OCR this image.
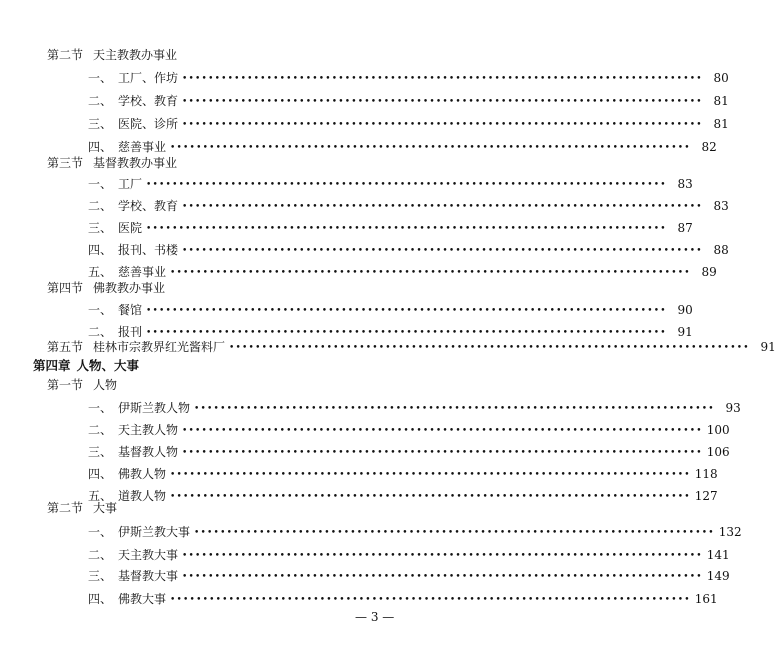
第二节 天主教教办事业
一、 工厂、作坊 •••••••••••••••••••••••••••••••••••••••••••••••••••••••••••••••••••••••••••••••• 80
二、 学校、教育 •••••••••••••••••••••••••••••••••••••••••••••••••••••••••••••••••••••••••••••••• 81
三、 医院、诊所 •••••••••••••••••••••••••••••••••••••••••••••••••••••••••••••••••••••••••••••••• 81
四、 慈善事业 •••••••••••••••••••••••••••••••••••••••••••••••••••••••••••••••••••••••••••••••• 82
第三节 基督教教办事业
一、 工厂 •••••••••••••••••••••••••••••••••••••••••••••••••••••••••••••••••••••••••••••••• 83
二、 学校、教育 •••••••••••••••••••••••••••••••••••••••••••••••••••••••••••••••••••••••••••••••• 83
三、 医院 •••••••••••••••••••••••••••••••••••••••••••••••••••••••••••••••••••••••••••••••• 87
四、 报刊、书楼 •••••••••••••••••••••••••••••••••••••••••••••••••••••••••••••••••••••••••••••••• 88
五、 慈善事业 •••••••••••••••••••••••••••••••••••••••••••••••••••••••••••••••••••••••••••••••• 89
第四节 佛教教办事业
一、 餐馆 •••••••••••••••••••••••••••••••••••••••••••••••••••••••••••••••••••••••••••••••• 90
二、 报刊 •••••••••••••••••••••••••••••••••••••••••••••••••••••••••••••••••••••••••••••••• 91
第五节 桂林市宗教界红光酱料厂 •••••••••••••••••••••••••••••••••••••••••••••••••••••••••••••••••••••••••••••••• 91
第四章 人物、大事
第一节 人物
一、 伊斯兰教人物 •••••••••••••••••••••••••••••••••••••••••••••••••••••••••••••••••••••••••••••••• 93
二、 天主教人物 •••••••••••••••••••••••••••••••••••••••••••••••••••••••••••••••••••••••••••••••• 100
三、 基督教人物 •••••••••••••••••••••••••••••••••••••••••••••••••••••••••••••••••••••••••••••••• 106
四、 佛教人物 •••••••••••••••••••••••••••••••••••••••••••••••••••••••••••••••••••••••••••••••• 118
五、 道教人物 •••••••••••••••••••••••••••••••••••••••••••••••••••••••••••••••••••••••••••••••• 127
第二节 大事
一、 伊斯兰教大事 •••••••••••••••••••••••••••••••••••••••••••••••••••••••••••••••••••••••••••••••• 132
二、 天主教大事 •••••••••••••••••••••••••••••••••••••••••••••••••••••••••••••••••••••••••••••••• 141
三、 基督教大事 •••••••••••••••••••••••••••••••••••••••••••••••••••••••••••••••••••••••••••••••• 149
四、 佛教大事 •••••••••••••••••••••••••••••••••••••••••••••••••••••••••••••••••••••••••••••••• 161
— 3 —
